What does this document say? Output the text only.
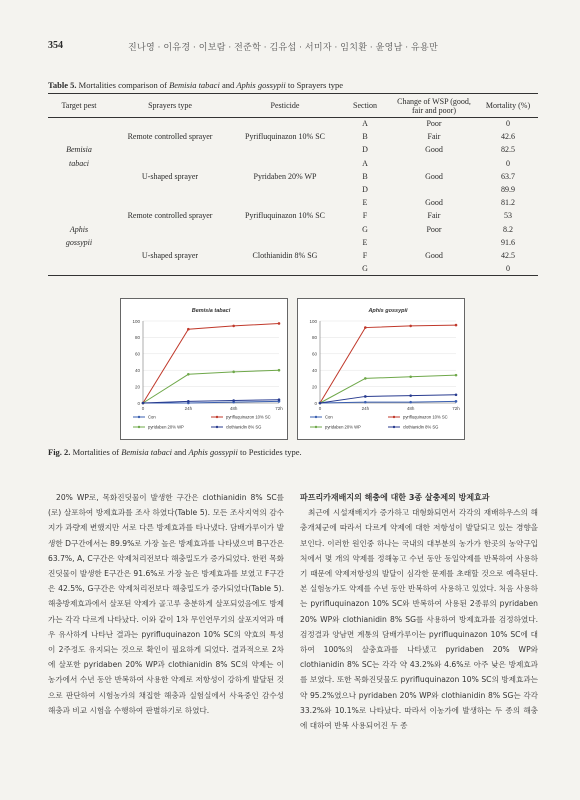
354	진나영 · 이유경 · 이보람 · 전준학 · 김유섭 · 서미자 · 임치환 · 윤영남 · 유용만
Table 5. Mortalities comparison of Bemisia tabaci and Aphis gossypii to Sprayers type
Target pest	Sprayers type	Pesticide	Section	Change of WSP (good, fair and poor)	Mortality (%)
			A	Poor	0
	Remote controlled sprayer	Pyrifluquinazon 10% SC	B	Fair	42.6
Bemisia			D	Good	82.5
tabaci			A		0
	U-shaped sprayer	Pyridaben 20% WP	B	Good	63.7
			D		89.9
			E	Good	81.2
	Remote controlled sprayer	Pyrifluquinazon 10% SC	F	Fair	53
Aphis			G	Poor	8.2
gossypii			E		91.6
	U-shaped sprayer	Clothianidin 8% SG	F	Good	42.5
			G		0
Bemisia tabaci
0
20
40
60
80
100
0	24h	48h	72h
Con	pyrifluquinazon 10% SC
pyridaben 20% WP	clothianidin 8% SG
Aphis gossypii
0
20
40
60
80
100
0	24h	48h	72h
Con	pyrifluquinazon 10% SC
pyridaben 20% WP	clothianidin 8% SG
Fig. 2. Mortalities of Bemisia tabaci and Aphis gossypii to Pesticides type.

20% WP로, 목화진딧물이 발생한 구간은 clothianidin 8% SC를(로) 살포하여 방제효과를 조사 하였다(Table 5). 모든 조사지역의 감수지가 과량제 변했지만 서로 다른 방제효과를 타나냈다. 담배가루이가 발생한 D구간에서는 89.9%로 가장 높은 방제효과를 나타냈으며 B구간은 63.7%, A, C구간은 약제처리전보다 해충밀도가 증가되었다. 한편 목화진딧물이 발생한 E구간은 91.6%로 가장 높은 방제효과를 보였고 F구간은 42.5%, G구간은 약제처리전보다 해충밀도가 증가되었다(Table 5). 해충방제효과에서 살포된 약제가 골고루 충분하게 살포되었음에도 방제가는 각각 다르게 나타났다. 이와 같이 1차 무인연무기의 살포지역과 매우 유사하게 나타난 결과는 pyrifluquinazon 10% SC의 약효의 특성이 2주정도 유지되는 것으로 확인이 필요하게 되었다. 결과적으로 2차에 살포한 pyridaben 20% WP과 clothianidin 8% SC의 약제는 이농가에서 수년 동안 반복하여 사용한 약제로 저항성이 강하게 발달된 것으로 판단하여 시험농가의 채집한 해충과 실험실에서 사육중인 감수성 해충과 비교 시험을 수행하여 판별하기로 하였다.

파프리카재배지의 해충에 대한 3종 살충제의 방제효과

최근에 시설재배지가 증가하고 대형화되면서 각각의 재배하우스의 해충개체군에 따라서 다르게 약제에 대한 저항성이 발달되고 있는 경향을 보인다. 이러한 원인중 하나는 국내의 대부분의 농가가 한곳의 농약구입처에서 몇 개의 약제를 정해놓고 수년 동안 동일약제를 반복하여 사용하기 때문에 약제저항성의 발달이 심각한 문제를 초래할 것으로 예측된다. 본 실험농가도 약제를 수년 동안 반복하여 사용하고 있었다. 처음 사용하는 pyrifluquinazon 10% SC와 반복하여 사용된 2종류의 pyridaben 20% WP와 clothianidin 8% SG를 사용하여 방제효과를 검정하였다. 검정결과 양남면 계통의 담배가루이는 pyrifluquinazon 10% SC에 대하여 100%의 살충효과를 나타냈고 pyridaben 20% WP와 clothianidin 8% SC는 각각 약 43.2%와 4.6%로 아주 낮은 방제효과를 보였다. 또한 목화진딧물도 pyrifluquinazon 10% SC의 방제효과는 약 95.2%였으나 pyridaben 20% WP와 clothianidin 8% SG는 각각 33.2%와 10.1%로 나타났다. 따라서 이농가에 발생하는 두 종의 해충에 대하여 반복 사용되어진 두 종
